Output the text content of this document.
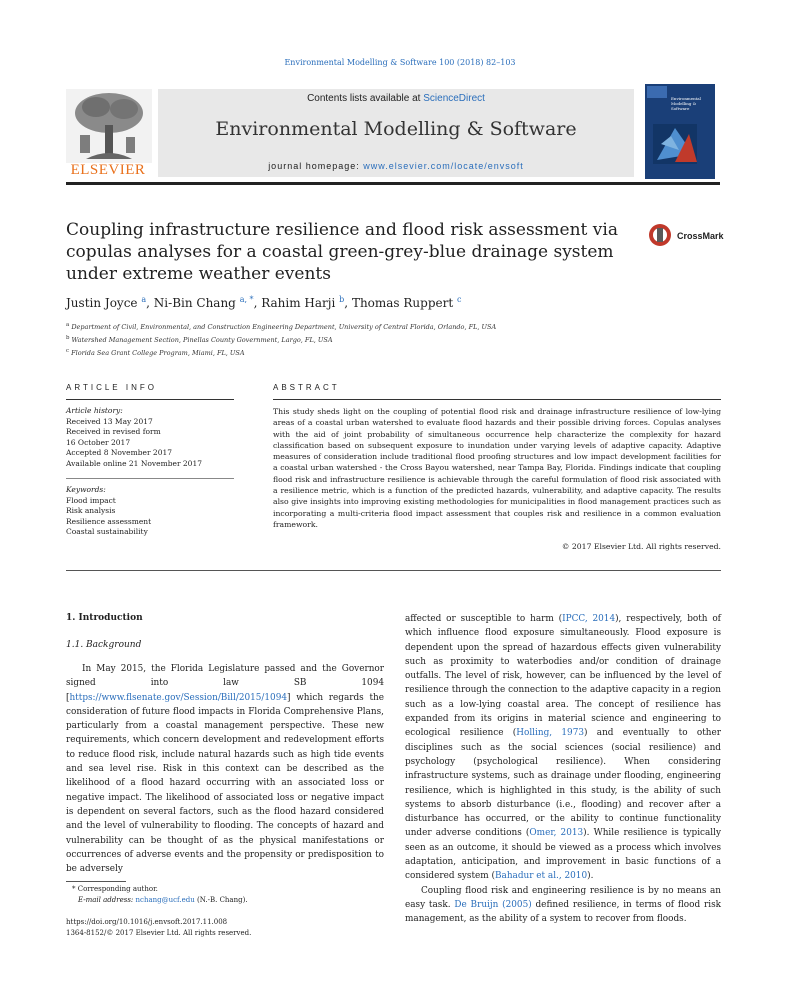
Environmental Modelling & Software 100 (2018) 82–103
ELSEVIER
Contents lists available at ScienceDirect
Environmental Modelling & Software
journal homepage: www.elsevier.com/locate/envsoft
Environmental Modelling & Software
Coupling infrastructure resilience and flood risk assessment via copulas analyses for a coastal green-grey-blue drainage system under extreme weather events
CrossMark
Justin Joyce $^a$, Ni-Bin Chang $^{a, *}$, Rahim Harji $^b$, Thomas Ruppert $^c$
$^a$ Department of Civil, Environmental, and Construction Engineering Department, University of Central Florida, Orlando, FL, USA
$^b$ Watershed Management Section, Pinellas County Government, Largo, FL, USA
$^c$ Florida Sea Grant College Program, Miami, FL, USA
ARTICLE INFO
Article history:
Received 13 May 2017
Received in revised form
16 October 2017
Accepted 8 November 2017
Available online 21 November 2017
Keywords:
Flood impact
Risk analysis
Resilience assessment
Coastal sustainability
ABSTRACT
This study sheds light on the coupling of potential flood risk and drainage infrastructure resilience of low-lying areas of a coastal urban watershed to evaluate flood hazards and their possible driving forces. Copulas analyses with the aid of joint probability of simultaneous occurrence help characterize the complexity for hazard classification based on subsequent exposure to inundation under varying levels of adaptive capacity. Adaptive measures of consideration include traditional flood proofing structures and low impact development facilities for a coastal urban watershed - the Cross Bayou watershed, near Tampa Bay, Florida. Findings indicate that coupling flood risk and infrastructure resilience is achievable through the careful formulation of flood risk associated with a resilience metric, which is a function of the predicted hazards, vulnerability, and adaptive capacity. The results also give insights into improving existing methodologies for municipalities in flood management practices such as incorporating a multi-criteria flood impact assessment that couples risk and resilience in a common evaluation framework.
© 2017 Elsevier Ltd. All rights reserved.
1. Introduction
1.1. Background

In May 2015, the Florida Legislature passed and the Governor signed into law SB 1094 [https://www.flsenate.gov/Session/Bill/2015/1094] which regards the consideration of future flood impacts in Florida Comprehensive Plans, particularly from a coastal management perspective. These new requirements, which concern development and redevelopment efforts to reduce flood risk, include natural hazards such as high tide events and sea level rise. Risk in this context can be described as the likelihood of a flood hazard occurring with an associated loss or negative impact. The likelihood of associated loss or negative impact is dependent on several factors, such as the flood hazard considered and the level of vulnerability to flooding. The concepts of hazard and vulnerability can be thought of as the physical manifestations or occurrences of adverse events and the propensity or predisposition to be adversely

affected or susceptible to harm (IPCC, 2014), respectively, both of which influence flood exposure simultaneously. Flood exposure is dependent upon the spread of hazardous effects given vulnerability such as proximity to waterbodies and/or condition of drainage outfalls. The level of risk, however, can be influenced by the level of resilience through the connection to the adaptive capacity in a region such as a low-lying coastal area. The concept of resilience has expanded from its origins in material science and engineering to ecological resilience (Holling, 1973) and eventually to other disciplines such as the social sciences (social resilience) and psychology (psychological resilience). When considering infrastructure systems, such as drainage under flooding, engineering resilience, which is highlighted in this study, is the ability of such systems to absorb disturbance (i.e., flooding) and recover after a disturbance has occurred, or the ability to continue functionality under adverse conditions (Omer, 2013). While resilience is typically seen as an outcome, it should be viewed as a process which involves adaptation, anticipation, and improvement in basic functions of a considered system (Bahadur et al., 2010).

Coupling flood risk and engineering resilience is by no means an easy task. De Bruijn (2005) defined resilience, in terms of flood risk management, as the ability of a system to recover from floods.

* Corresponding author.
E-mail address: nchang@ucf.edu (N.-B. Chang).
https://doi.org/10.1016/j.envsoft.2017.11.008
1364-8152/© 2017 Elsevier Ltd. All rights reserved.
